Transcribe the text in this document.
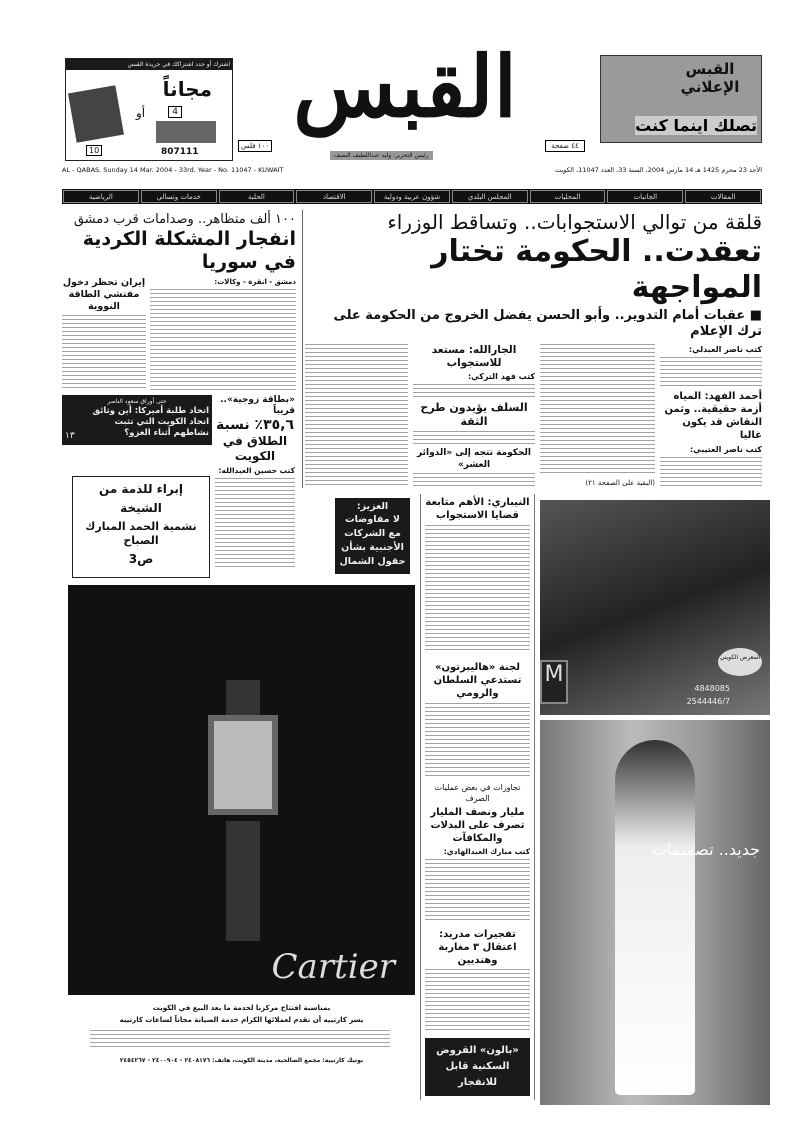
اشترك أو جدد اشتراكك في جريدة القبس
مجاناً
أو	4
10	807111
القبس
١٠٠ فلس	٤٤ صفحة
رئيس التحرير: وليد عبداللطيف النصف
القبس الإعلاني
تصلك اينما كنت
AL - QABAS. Sunday 14 Mar. 2004 - 33rd. Year - No. 11047 - KUWAIT	الأحد 23 محرم 1425 هـ 14 مارس 2004، السنة 33، العدد 11047، الكويت
المقالات
الجانبات
المحليات
المجلس البلدي
شؤون عربية ودولية
الاقتصاد
الحلبة
خدمات وتسالي
الرياضية
قلقة من توالي الاستجوابات.. وتساقط الوزراء
تعقدت.. الحكومة تختار المواجهة
■ عقبات أمام التدوير.. وأبو الحسن يفضل الخروج من الحكومة على ترك الإعلام
كتب ناصر العبدلي:
أحمد الفهد: المياه أزمة حقيقية.. وثمن النقاش قد يكون غاليا
كتب ناصر العتيبي:
(البقية على الصفحة ٢١)
الجارالله: مستعد للاستجواب
كتب فهد التركي:
السلف يؤيدون طرح الثقة
الحكومة تتجه إلى «الدوائر العشر»
١٠٠ ألف متظاهر.. وصدامات قرب دمشق
انفجار المشكلة الكردية في سوريا
دمشق - انقرة - وكالات:
إيران تحظر دخول مفتشي الطاقة النووية
حتى أوراق سعود الناصر
اتحاد طلبة أميركا: أين وثائق اتحاد الكويت التي تثبت نشاطهم أثناء الغزو؟
١٣
«بطاقة زوجية».. قريباً
٣٥,٦٪ نسبة
الطلاق في الكويت
كتب حسين العبدالله:
إبراء للذمة من
الشيخة
نشمية الحمد المبارك الصباح
ص3
العزيز:
لا مفاوضات مع الشركات الأجنبية بشأن حقول الشمال
Cartier
بمناسبة افتتاح مركزنا لخدمة ما بعد البيع في الكويت
يسر كارتييه أن تقدم لعملائها الكرام خدمة الصيانة مجاناً لساعات كارتييه
بوتيك كارتييه: مجمع الصالحية، مدينة الكويت، هاتف: ٢٤٠٨١٧٦ - ٢٤٠٠٩٠٤ - ٢٤٥٤٢٦٧
النيباري: الأهم متابعة قضايا الاستجواب
لجنة «هاليبرتون» تستدعي السلطان والرومي
تجاوزات في بعض عمليات الصرف
مليار ونصف المليار تصرف على البدلات والمكافآت
كتب مبارك العبدالهادي:
تفجيرات مدريد: اعتقال ٣ مغاربة وهنديين
«بالون» القروض السكنية قابل للانفجار
M
المعرض الكويتي
4848085
2544446/7
جديد.. تصميمات
